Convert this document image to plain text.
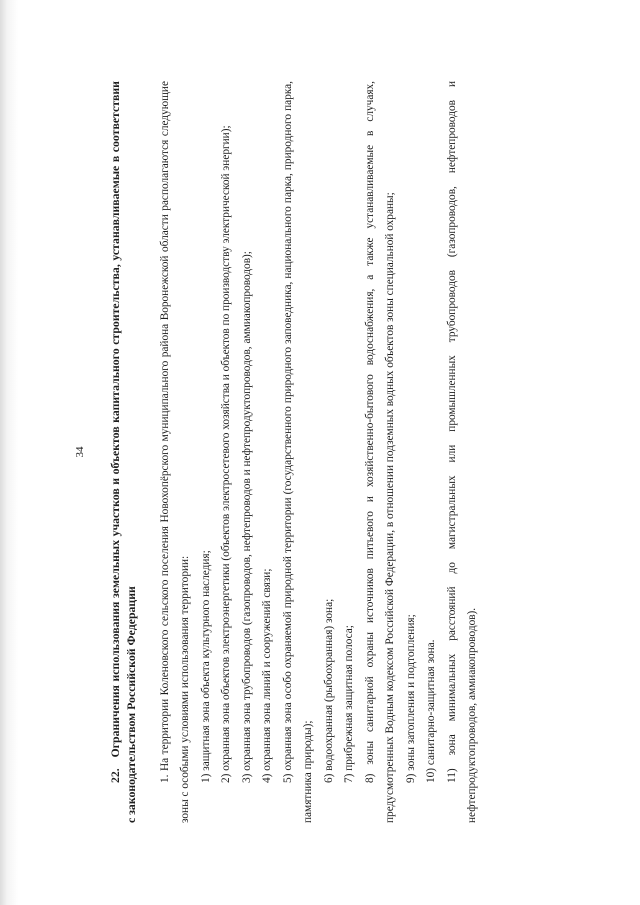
34

22.   Ограничения использования земельных участков и объектов капитального строительства, устанавливаемые в соответствии с законодательством Российской Федерации	1. На территории Коленовского сельского поселения Новохопёрского муниципального района Воронежской области располагаются следующие зоны с особыми условиями использования территории: 1) защитная зона объекта культурного наследия; 2) охранная зона объектов электроэнергетики (объектов электросетевого хозяйства и объектов по производству электрической энергии); 3) охранная зона трубопроводов (газопроводов, нефтепроводов и нефтепродуктопроводов, аммиакопроводов); 4) охранная зона линий и сооружений связи; 5) охранная зона особо охраняемой природной территории (государственного природного заповедника, национального парка, природного парка, памятника природы); 6) водоохранная (рыбоохранная) зона; 7) прибрежная защитная полоса; 8) зоны санитарной охраны источников питьевого и хозяйственно-бытового водоснабжения, а также устанавливаемые в случаях, предусмотренных Водным кодексом Российской Федерации, в отношении подземных водных объектов зоны специальной охраны; 9) зоны затопления и подтопления; 10) санитарно-защитная зона. 11) зона минимальных расстояний до магистральных или промышленных трубопроводов (газопроводов, нефтепроводов и нефтепродуктопроводов, аммиакопроводов).
